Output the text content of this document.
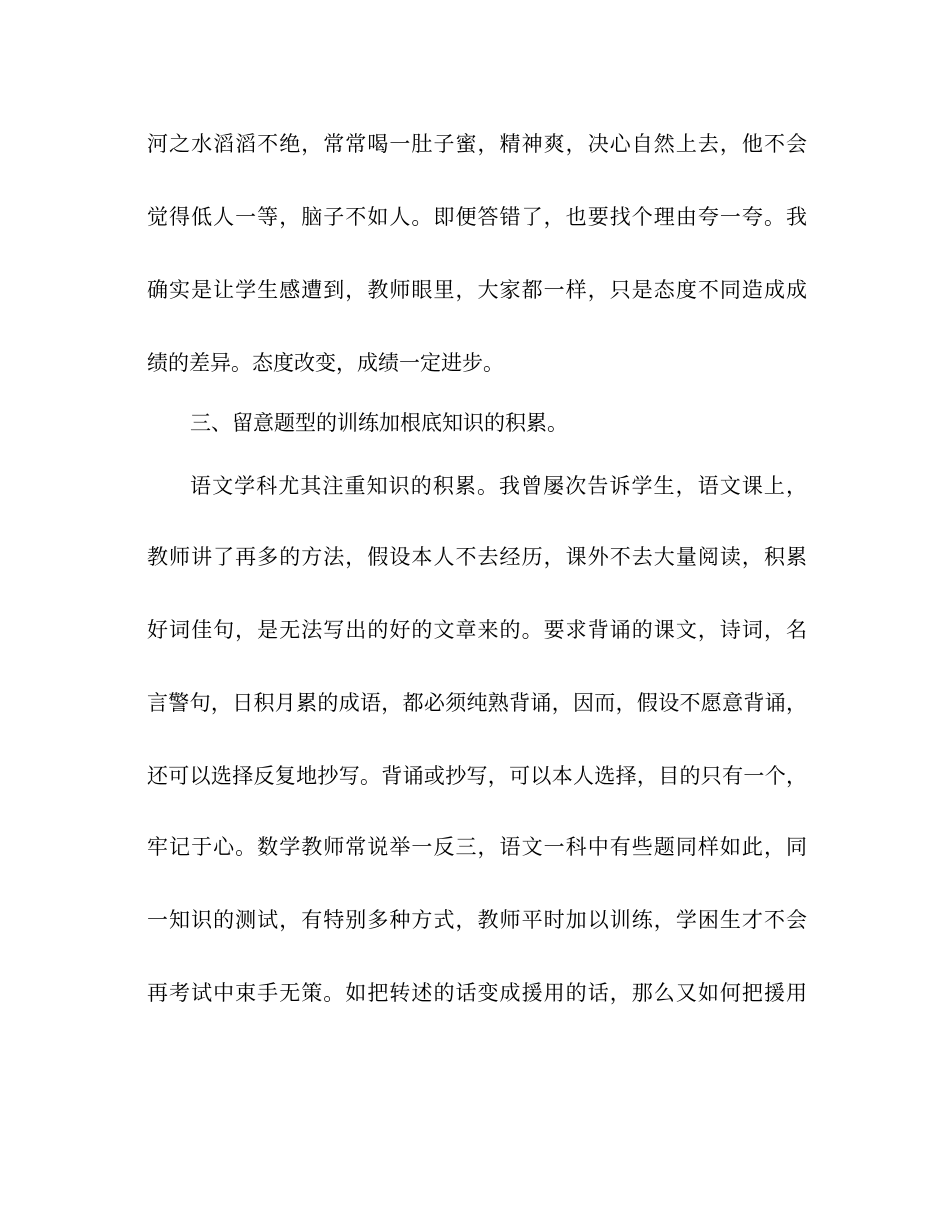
河之水滔滔不绝，常常喝一肚子蜜，精神爽，决心自然上去，他不会

觉得低人一等，脑子不如人。即便答错了，也要找个理由夸一夸。我

确实是让学生感遭到，教师眼里，大家都一样，只是态度不同造成成

绩的差异。态度改变，成绩一定进步。

三、留意题型的训练加根底知识的积累。

语文学科尤其注重知识的积累。我曾屡次告诉学生，语文课上，

教师讲了再多的方法，假设本人不去经历，课外不去大量阅读，积累

好词佳句，是无法写出的好的文章来的。要求背诵的课文，诗词，名

言警句，日积月累的成语，都必须纯熟背诵，因而，假设不愿意背诵，

还可以选择反复地抄写。背诵或抄写，可以本人选择，目的只有一个，

牢记于心。数学教师常说举一反三，语文一科中有些题同样如此，同

一知识的测试，有特别多种方式，教师平时加以训练，学困生才不会

再考试中束手无策。如把转述的话变成援用的话，那么又如何把援用
